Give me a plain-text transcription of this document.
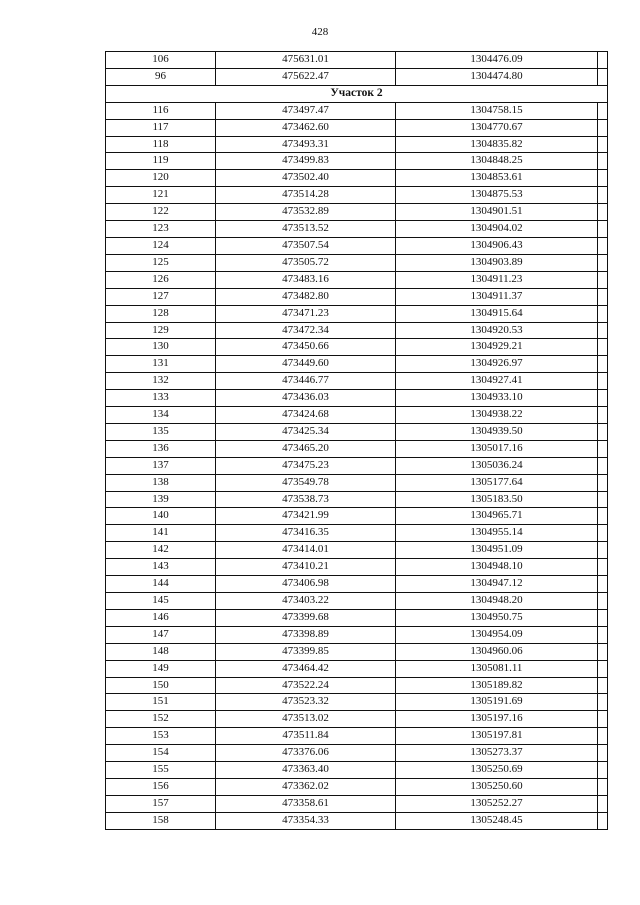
428
106	475631.01	1304476.09	
96	475622.47	1304474.80	
Участок 2			
116	473497.47	1304758.15	
117	473462.60	1304770.67	
118	473493.31	1304835.82	
119	473499.83	1304848.25	
120	473502.40	1304853.61	
121	473514.28	1304875.53	
122	473532.89	1304901.51	
123	473513.52	1304904.02	
124	473507.54	1304906.43	
125	473505.72	1304903.89	
126	473483.16	1304911.23	
127	473482.80	1304911.37	
128	473471.23	1304915.64	
129	473472.34	1304920.53	
130	473450.66	1304929.21	
131	473449.60	1304926.97	
132	473446.77	1304927.41	
133	473436.03	1304933.10	
134	473424.68	1304938.22	
135	473425.34	1304939.50	
136	473465.20	1305017.16	
137	473475.23	1305036.24	
138	473549.78	1305177.64	
139	473538.73	1305183.50	
140	473421.99	1304965.71	
141	473416.35	1304955.14	
142	473414.01	1304951.09	
143	473410.21	1304948.10	
144	473406.98	1304947.12	
145	473403.22	1304948.20	
146	473399.68	1304950.75	
147	473398.89	1304954.09	
148	473399.85	1304960.06	
149	473464.42	1305081.11	
150	473522.24	1305189.82	
151	473523.32	1305191.69	
152	473513.02	1305197.16	
153	473511.84	1305197.81	
154	473376.06	1305273.37	
155	473363.40	1305250.69	
156	473362.02	1305250.60	
157	473358.61	1305252.27	
158	473354.33	1305248.45	
